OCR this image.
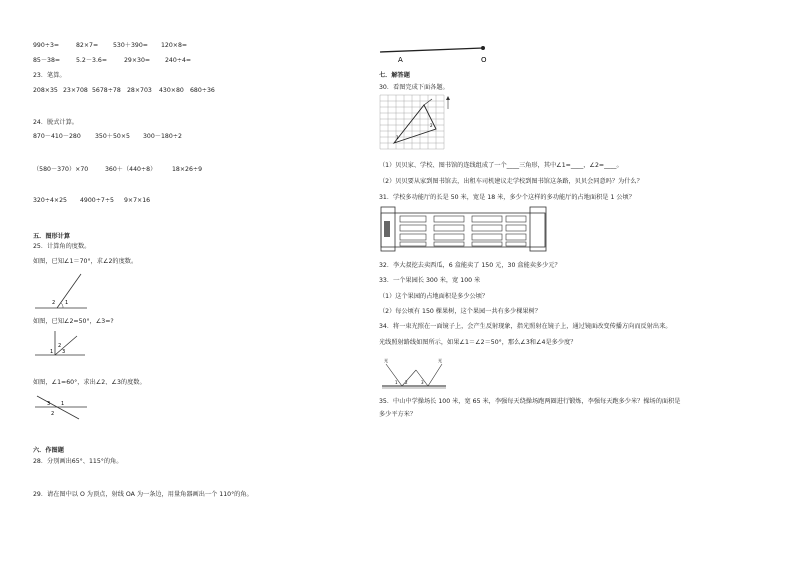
990÷3=	82×7= 530＋390= 120×8=
85－38=	5.2－3.6=	29×30= 240÷4=
23．笔算。
208×35 23×708 5678÷78 28×703 430×80 680÷36
24．脱式计算。
870－410－280 350＋50×5 300－180÷2
（580－370）×70	360＋（440÷8）	18×26÷9
320÷4×25 4900÷7÷5 9×7×16
五．图形计算
25．计算角的度数。
如图，已知∠1＝70°，求∠2的度数。
1
2
如图，已知∠2=50°，∠3=?
1
2
3
如图，∠1=60°，求出∠2、∠3的度数。
1
2
3
六．作图题
28．分别画出65°、115°的角。
29．请在图中以 O 为顶点，射线 OA 为一条边，用量角器画出一个 110°的角。
A	O
七．解答题
30．看图完成下面各题。
1
2
（1）贝贝家、学校、图书馆的连线组成了一个____三角形，其中∠1=____，∠2=____。
（2）贝贝要从家到图书馆去，出租车司机建议走学校到图书馆这条路，贝贝会同意吗？为什么？
31．学校多功能厅的长是 50 米，宽是 18 米，多少个这样的多功能厅的占地面积是 1 公顷？
32．李大叔挖去卖西瓜，6 盒能卖了 150 元，30 盒能卖多少元？
33．一个果园长 300 米，宽 100 米
（1）这个果园的占地面积是多少公顷？
（2）每公顷有 150 棵果树，这个果园一共有多少棵果树？
34．将一束光照在一面镜子上，会产生反射现象，指光照射在镜子上，通过镜面改变传播方向而反射出来。
光线照射路线如图所示，如果∠1＝∠2＝50°，那么∠3和∠4是多少度？
光	光
1 2	3
35．中山中学操场长 100 米，宽 65 米，李强每天绕操场跑两圈进行锻炼，李强每天跑多少米？操场的面积是
多少平方米？
